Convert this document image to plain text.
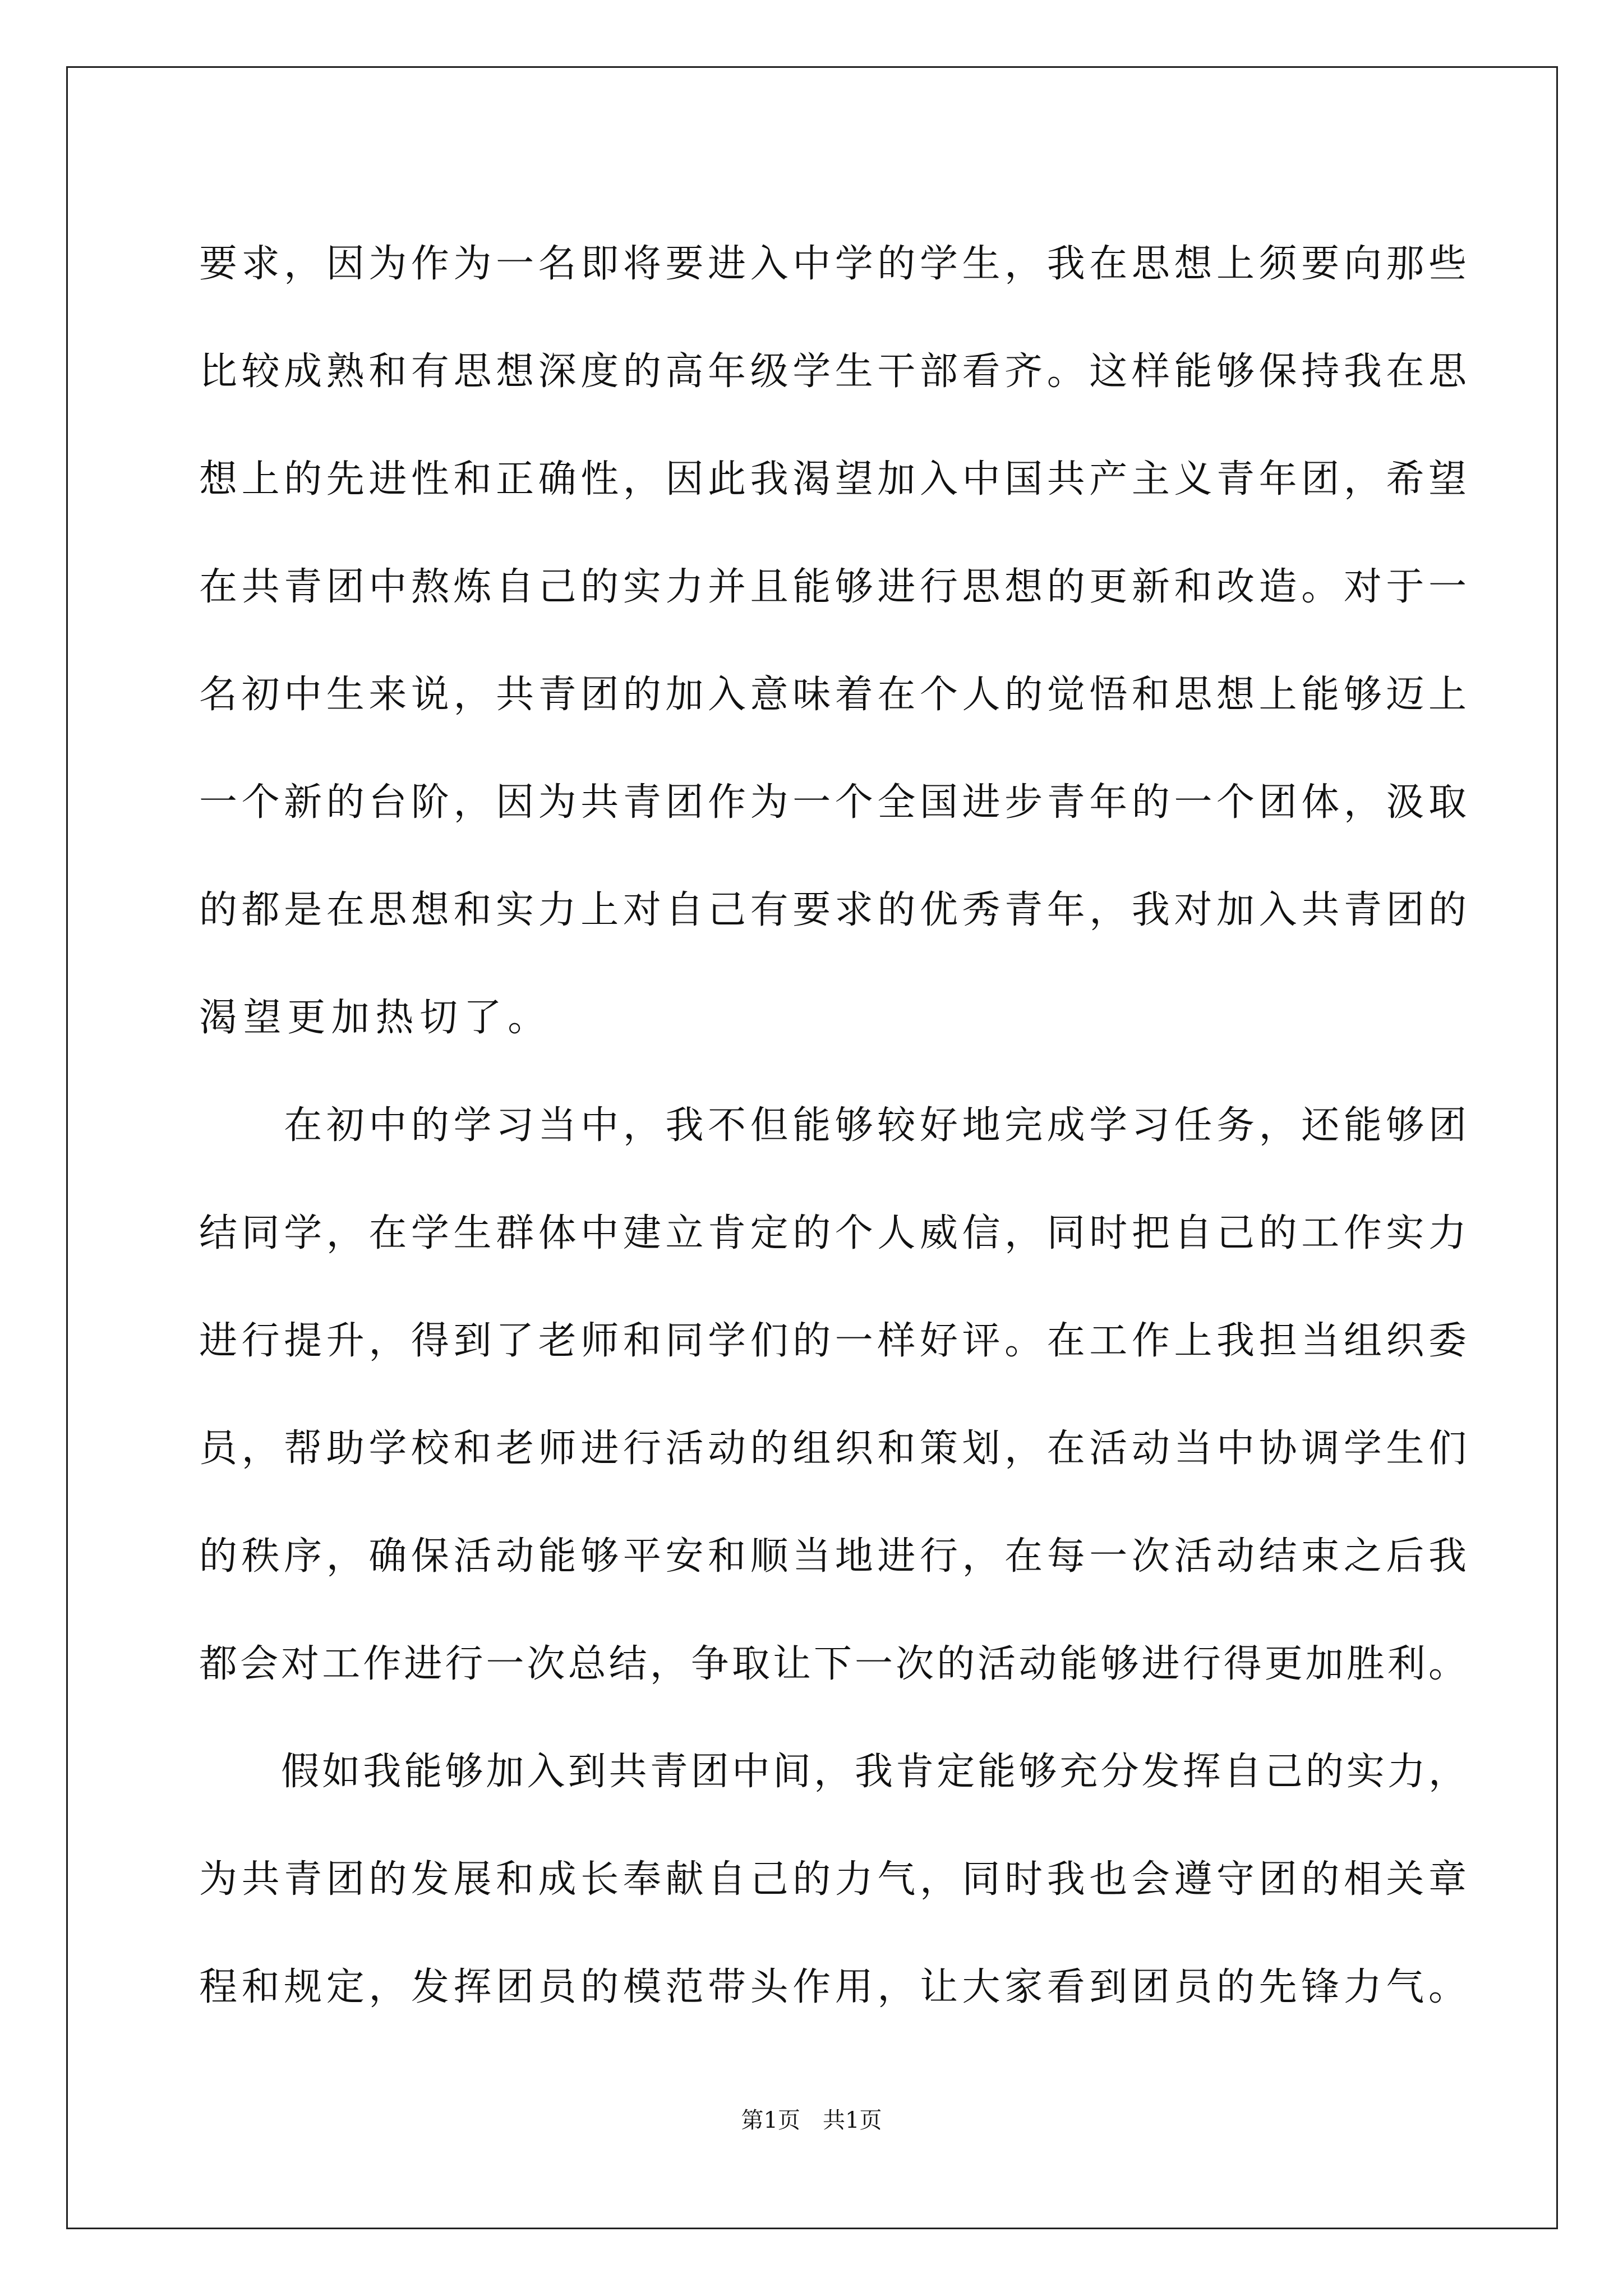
要求，因为作为一名即将要进入中学的学生，我在思想上须要向那些
比较成熟和有思想深度的高年级学生干部看齐。这样能够保持我在思
想上的先进性和正确性，因此我渴望加入中国共产主义青年团，希望
在共青团中熬炼自己的实力并且能够进行思想的更新和改造。对于一
名初中生来说，共青团的加入意味着在个人的觉悟和思想上能够迈上
一个新的台阶，因为共青团作为一个全国进步青年的一个团体，汲取
的都是在思想和实力上对自己有要求的优秀青年，我对加入共青团的
渴望更加热切了。
　　在初中的学习当中，我不但能够较好地完成学习任务，还能够团
结同学，在学生群体中建立肯定的个人威信，同时把自己的工作实力
进行提升，得到了老师和同学们的一样好评。在工作上我担当组织委
员，帮助学校和老师进行活动的组织和策划，在活动当中协调学生们
的秩序，确保活动能够平安和顺当地进行，在每一次活动结束之后我
都会对工作进行一次总结，争取让下一次的活动能够进行得更加胜利。
　　假如我能够加入到共青团中间，我肯定能够充分发挥自己的实力，
为共青团的发展和成长奉献自己的力气，同时我也会遵守团的相关章
程和规定，发挥团员的模范带头作用，让大家看到团员的先锋力气。
第1页　共1页
